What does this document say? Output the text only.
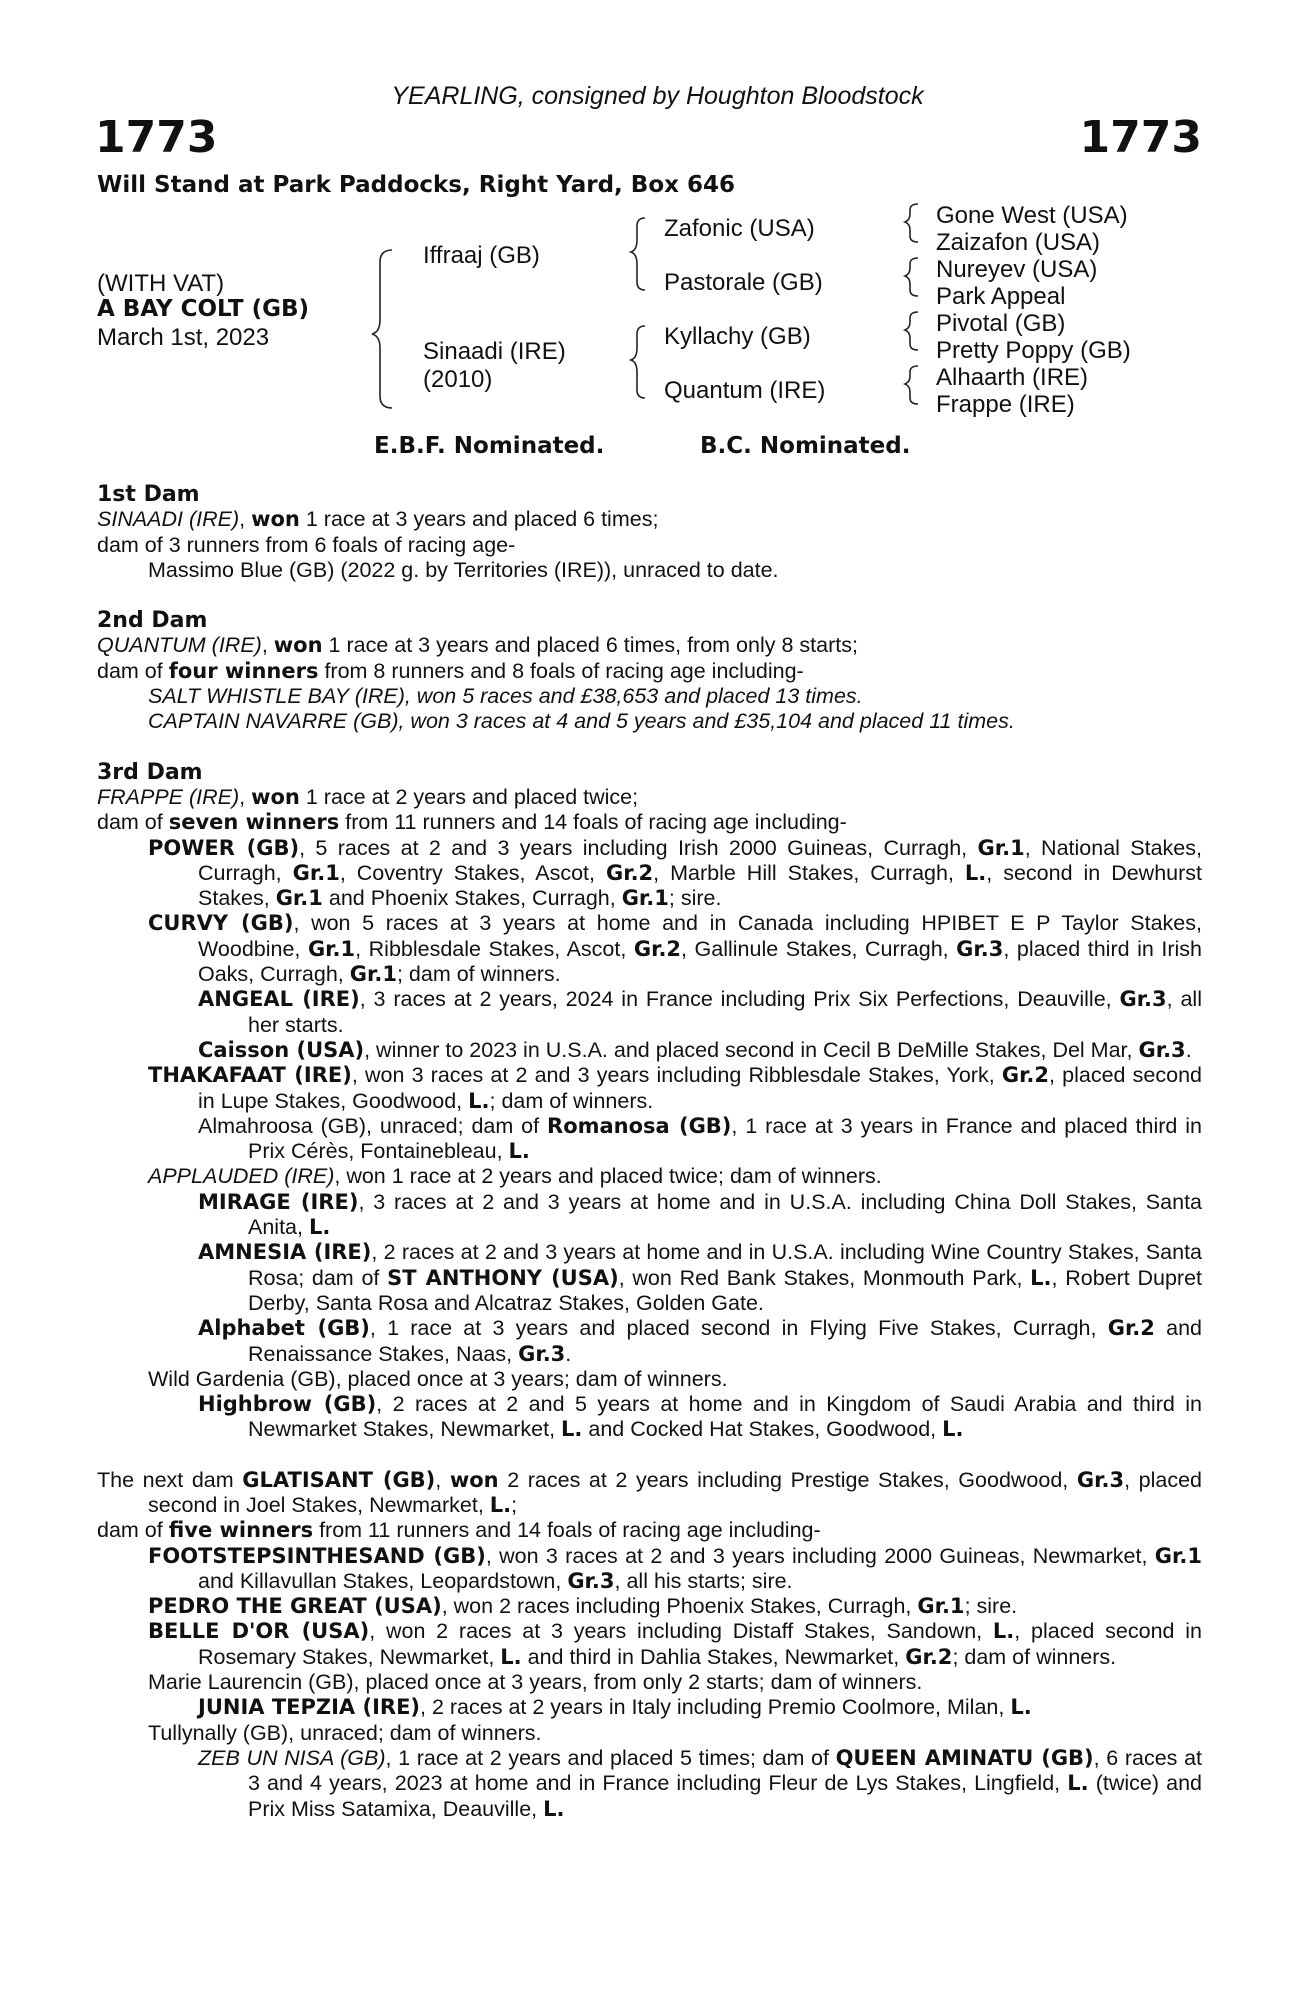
YEARLING, consigned by Houghton Bloodstock
1773	1773
Will Stand at Park Paddocks, Right Yard, Box 646
(WITH VAT)
A BAY COLT (GB)
March 1st, 2023
Iffraaj (GB)
Sinaadi (IRE)
(2010)
Zafonic (USA)
Pastorale (GB)
Kyllachy (GB)
Quantum (IRE)
Gone West (USA)
Zaizafon (USA)
Nureyev (USA)
Park Appeal
Pivotal (GB)
Pretty Poppy (GB)
Alhaarth (IRE)
Frappe (IRE)
E.B.F. Nominated.	B.C. Nominated.

1st Dam

SINAADI (IRE), won 1 race at 3 years and placed 6 times;

dam of 3 runners from 6 foals of racing age-

Massimo Blue (GB) (2022 g. by Territories (IRE)), unraced to date.

2nd Dam

QUANTUM (IRE), won 1 race at 3 years and placed 6 times, from only 8 starts;

dam of four winners from 8 runners and 8 foals of racing age including-

SALT WHISTLE BAY (IRE), won 5 races and £38,653 and placed 13 times.

CAPTAIN NAVARRE (GB), won 3 races at 4 and 5 years and £35,104 and placed 11 times.

3rd Dam

FRAPPE (IRE), won 1 race at 2 years and placed twice;

dam of seven winners from 11 runners and 14 foals of racing age including-

POWER (GB), 5 races at 2 and 3 years including Irish 2000 Guineas, Curragh, Gr.1, National Stakes, Curragh, Gr.1, Coventry Stakes, Ascot, Gr.2, Marble Hill Stakes, Curragh, L., second in Dewhurst Stakes, Gr.1 and Phoenix Stakes, Curragh, Gr.1; sire.

CURVY (GB), won 5 races at 3 years at home and in Canada including HPIBET E P Taylor Stakes, Woodbine, Gr.1, Ribblesdale Stakes, Ascot, Gr.2, Gallinule Stakes, Curragh, Gr.3, placed third in Irish Oaks, Curragh, Gr.1; dam of winners.

ANGEAL (IRE), 3 races at 2 years, 2024 in France including Prix Six Perfections, Deauville, Gr.3, all her starts.

Caisson (USA), winner to 2023 in U.S.A. and placed second in Cecil B DeMille Stakes, Del Mar, Gr.3.

THAKAFAAT (IRE), won 3 races at 2 and 3 years including Ribblesdale Stakes, York, Gr.2, placed second in Lupe Stakes, Goodwood, L.; dam of winners.

Almahroosa (GB), unraced; dam of Romanosa (GB), 1 race at 3 years in France and placed third in Prix Cérès, Fontainebleau, L.

APPLAUDED (IRE), won 1 race at 2 years and placed twice; dam of winners.

MIRAGE (IRE), 3 races at 2 and 3 years at home and in U.S.A. including China Doll Stakes, Santa Anita, L.

AMNESIA (IRE), 2 races at 2 and 3 years at home and in U.S.A. including Wine Country Stakes, Santa Rosa; dam of ST ANTHONY (USA), won Red Bank Stakes, Monmouth Park, L., Robert Dupret Derby, Santa Rosa and Alcatraz Stakes, Golden Gate.

Alphabet (GB), 1 race at 3 years and placed second in Flying Five Stakes, Curragh, Gr.2 and Renaissance Stakes, Naas, Gr.3.

Wild Gardenia (GB), placed once at 3 years; dam of winners.

Highbrow (GB), 2 races at 2 and 5 years at home and in Kingdom of Saudi Arabia and third in Newmarket Stakes, Newmarket, L. and Cocked Hat Stakes, Goodwood, L.

The next dam GLATISANT (GB), won 2 races at 2 years including Prestige Stakes, Goodwood, Gr.3, placed second in Joel Stakes, Newmarket, L.;

dam of five winners from 11 runners and 14 foals of racing age including-

FOOTSTEPSINTHESAND (GB), won 3 races at 2 and 3 years including 2000 Guineas, Newmarket, Gr.1 and Killavullan Stakes, Leopardstown, Gr.3, all his starts; sire.

PEDRO THE GREAT (USA), won 2 races including Phoenix Stakes, Curragh, Gr.1; sire.

BELLE D'OR (USA), won 2 races at 3 years including Distaff Stakes, Sandown, L., placed second in Rosemary Stakes, Newmarket, L. and third in Dahlia Stakes, Newmarket, Gr.2; dam of winners.

Marie Laurencin (GB), placed once at 3 years, from only 2 starts; dam of winners.

JUNIA TEPZIA (IRE), 2 races at 2 years in Italy including Premio Coolmore, Milan, L.

Tullynally (GB), unraced; dam of winners.

ZEB UN NISA (GB), 1 race at 2 years and placed 5 times; dam of QUEEN AMINATU (GB), 6 races at 3 and 4 years, 2023 at home and in France including Fleur de Lys Stakes, Lingfield, L. (twice) and Prix Miss Satamixa, Deauville, L.
